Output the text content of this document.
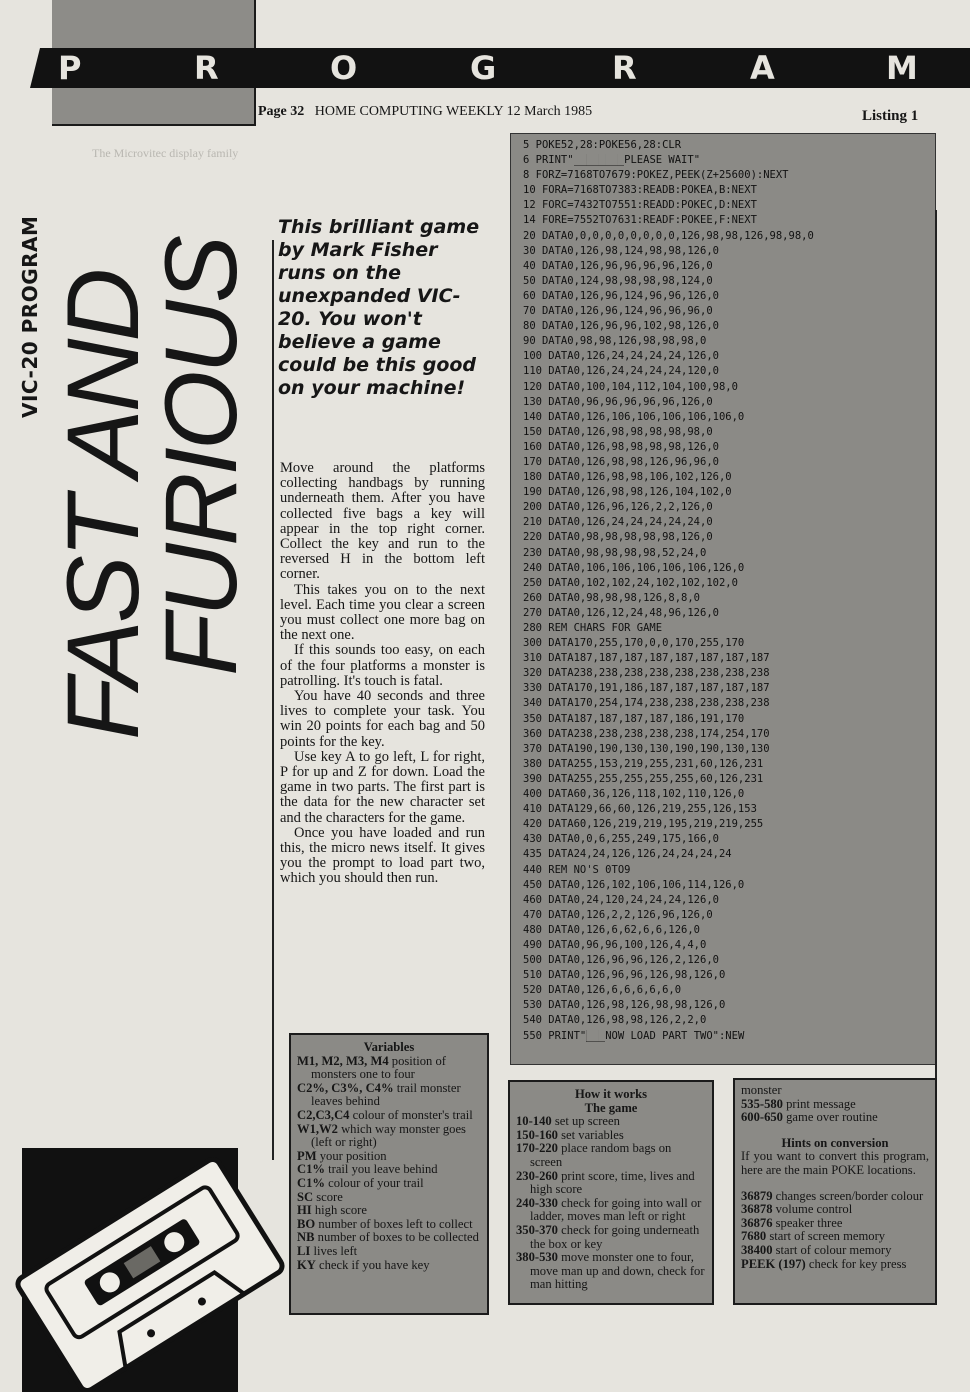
P	R	O	G	R	A	M
Page 32 HOME COMPUTING WEEKLY 12 March 1985	Listing 1
The Microvitec display family
VIC-20 PROGRAM FAST AND
FURIOUS
This brilliant game by Mark Fisher runs on the unexpanded VIC-20. You won't believe a game could be this good on your machine!

Move around the platforms collecting handbags by running underneath them. After you have collected five bags a key will appear in the top right corner. Collect the key and run to the reversed H in the bottom left corner.

This takes you on to the next level. Each time you clear a screen you must collect one more bag on the next one.

If this sounds too easy, on each of the four platforms a monster is patrolling. It's touch is fatal.

You have 40 seconds and three lives to complete your task. You win 20 points for each bag and 50 points for the key.

Use key A to go left, L for right, P for up and Z for down. Load the game in two parts. The first part is the data for the new character set and the characters for the game.

Once you have loaded and run this, the micro news itself. It gives you the prompt to load part two, which you should then run.

5 POKE52,28:POKE56,28:CLR
6 PRINT"████████PLEASE WAIT"
8 FORZ=7168TO7679:POKEZ,PEEK(Z+25600):NEXT
10 FORA=7168TO7383:READB:POKEA,B:NEXT
12 FORC=7432TO7551:READD:POKEC,D:NEXT
14 FORE=7552TO7631:READF:POKEE,F:NEXT
20 DATA0,0,0,0,0,0,0,0,0,126,98,98,126,98,98,0
30 DATA0,126,98,124,98,98,126,0
40 DATA0,126,96,96,96,96,126,0
50 DATA0,124,98,98,98,98,124,0
60 DATA0,126,96,124,96,96,126,0
70 DATA0,126,96,124,96,96,96,0
80 DATA0,126,96,96,102,98,126,0
90 DATA0,98,98,126,98,98,98,0
100 DATA0,126,24,24,24,24,126,0
110 DATA0,126,24,24,24,24,120,0
120 DATA0,100,104,112,104,100,98,0
130 DATA0,96,96,96,96,96,126,0
140 DATA0,126,106,106,106,106,106,0
150 DATA0,126,98,98,98,98,98,0
160 DATA0,126,98,98,98,98,126,0
170 DATA0,126,98,98,126,96,96,0
180 DATA0,126,98,98,106,102,126,0
190 DATA0,126,98,98,126,104,102,0
200 DATA0,126,96,126,2,2,126,0
210 DATA0,126,24,24,24,24,24,0
220 DATA0,98,98,98,98,98,126,0
230 DATA0,98,98,98,98,52,24,0
240 DATA0,106,106,106,106,106,126,0
250 DATA0,102,102,24,102,102,102,0
260 DATA0,98,98,98,126,8,8,0
270 DATA0,126,12,24,48,96,126,0
280 REM CHARS FOR GAME
300 DATA170,255,170,0,0,170,255,170
310 DATA187,187,187,187,187,187,187,187
320 DATA238,238,238,238,238,238,238,238
330 DATA170,191,186,187,187,187,187,187
340 DATA170,254,174,238,238,238,238,238
350 DATA187,187,187,187,186,191,170
360 DATA238,238,238,238,238,174,254,170
370 DATA190,190,130,130,190,190,130,130
380 DATA255,153,219,255,231,60,126,231
390 DATA255,255,255,255,255,60,126,231
400 DATA60,36,126,118,102,110,126,0
410 DATA129,66,60,126,219,255,126,153
420 DATA60,126,219,219,195,219,219,255
430 DATA0,0,6,255,249,175,166,0
435 DATA24,24,126,126,24,24,24,24
440 REM NO'S 0TO9
450 DATA0,126,102,106,106,114,126,0
460 DATA0,24,120,24,24,24,126,0
470 DATA0,126,2,2,126,96,126,0
480 DATA0,126,6,62,6,6,126,0
490 DATA0,96,96,100,126,4,4,0
500 DATA0,126,96,96,126,2,126,0
510 DATA0,126,96,96,126,98,126,0
520 DATA0,126,6,6,6,6,6,0
530 DATA0,126,98,126,98,98,126,0
540 DATA0,126,98,98,126,2,2,0
550 PRINT"███NOW LOAD PART TWO":NEW
Variables
M1, M2, M3, M4 position of monsters one to four
C2%, C3%, C4% trail monster leaves behind
C2,C3,C4 colour of monster's trail
W1,W2 which way monster goes (left or right)
PM your position
C1% trail you leave behind
C1% colour of your trail
SC score
HI high score
BO number of boxes left to collect
NB number of boxes to be collected
LI lives left
KY check if you have key
How it works
The game
10-140 set up screen
150-160 set variables
170-220 place random bags on screen
230-260 print score, time, lives and high score
240-330 check for going into wall or ladder, moves man left or right
350-370 check for going underneath the box or key
380-530 move monster one to four, move man up and down, check for man hitting
monster
535-580 print message
600-650 game over routine
Hints on conversion
If you want to convert this program, here are the main POKE locations.
36879 changes screen/border colour
36878 volume control
36876 speaker three
7680 start of screen memory
38400 start of colour memory
PEEK (197) check for key press
